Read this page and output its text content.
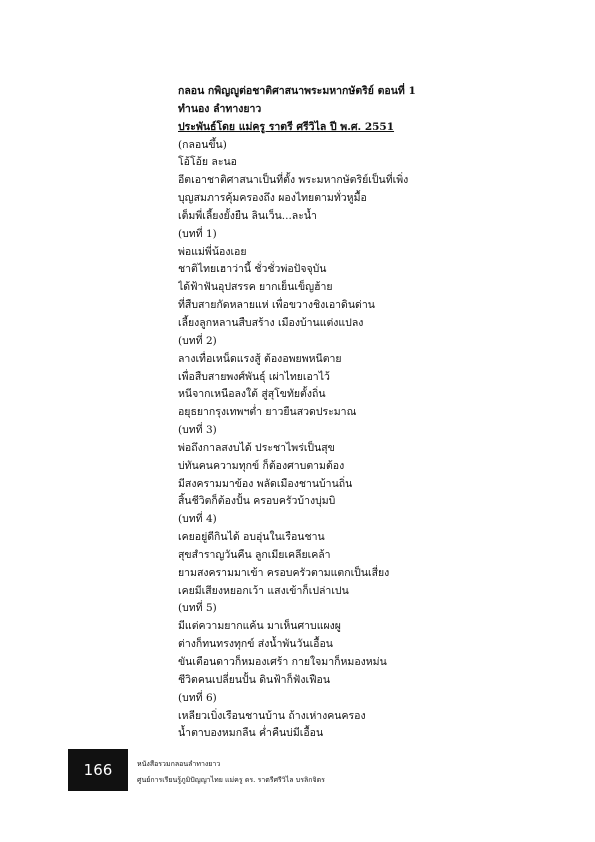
กลอน กพิญญูต่อชาติศาสนาพระมหากษัตริย์ ตอนที่ 1
ทำนอง ลำทางยาว
ประพันธ์โดย แม่ครู ราตรี ศรีวิไล ปี พ.ศ. 2551
(กลอนขึ้น)
โอ้โอ้ย ละนอ
อีตเอาชาติศาสนาเป็นที่ตั้ง พระมหากษัตริย์เป็นที่เพิ่ง
บุญสมภารคุ้มครองถึง ผองไทยตามทั่วหูมื้อ
เต็มพี่เลี้ยงยั้งยืน ลินเว็น...ละน้ำ
(บทที่ 1)
พ่อแม่พี่น้องเอย
ชาติไทยเฮาว่านี้ ชั่วชั่วพ่อปัจจุบัน
ได้ฟ้าฟันอุปสรรค ยากเย็นเข็ญฮ้าย
ที่สืบสายกัดหลายแห่ เพื่อขวางชิงเอาดินด่าน
เลี้ยงลูกหลานสืบสร้าง เมืองบ้านแต่งแปลง
(บทที่ 2)
ลางเทื่อเหน็ดแรงสู้ ต้องอพยพหนีตาย
เพื่อสืบสายพงศ์พันธุ์ เผ่าไทยเอาไว้
หนีจากเหนือลงใต้ สู่สุโขทัยตั้งถิ่น
อยุธยากรุงเทพฯต่ำ ยาวยืนสวดประมาณ
(บทที่ 3)
พ่อถึงกาลสงบได้ ประชาไพร่เป็นสุข
บ่ทันคนความทุกข์ ก็ต้องศาบตามต้อง
มีสงครามมาข้อง พลัดเมืองชานบ้านถิ่น
สิ้นชีวิตก็ต้องปั้น ครอบครัวบ้างบุ่มบิ
(บทที่ 4)
เคยอยู่ดีกินได้ อบอุ่นในเรือนชาน
สุขสำราญวันคืน ลูกเมียเคลียเคล้า
ยามสงครามมาเข้า ครอบครัวตามแตกเป็นเสี่ยง
เคยมีเสียงหยอกเว้า แสงเข้าก็เปล่าเปน
(บทที่ 5)
มีแต่ความยากแค้น มาเห็นศาบแผงผู
ต่างก็ทนทรงทุกข์ ส่งน้ำพันวันเอื้อน
ขันเตือนดาวก็หมองเศร้า กายใจมาก็หมองหม่น
ชีวิตคนเปลี่ยนปั้น ดินฟ้าก็ฟังเฟือน
(บทที่ 6)
เหลียวเบิ่งเรือนชานบ้าน ถ้างเห่างคนครอง
น้ำตาบองหมกลืน ค่ำคืนบ่มีเอื้อน
166	หนังสือรวมกลอนลำทางยาว
ศูนย์การเรียนรู้ภูมิปัญญาไทย แม่ครู ดร. ราตรีศรีวิไล บรลิกจิตร
